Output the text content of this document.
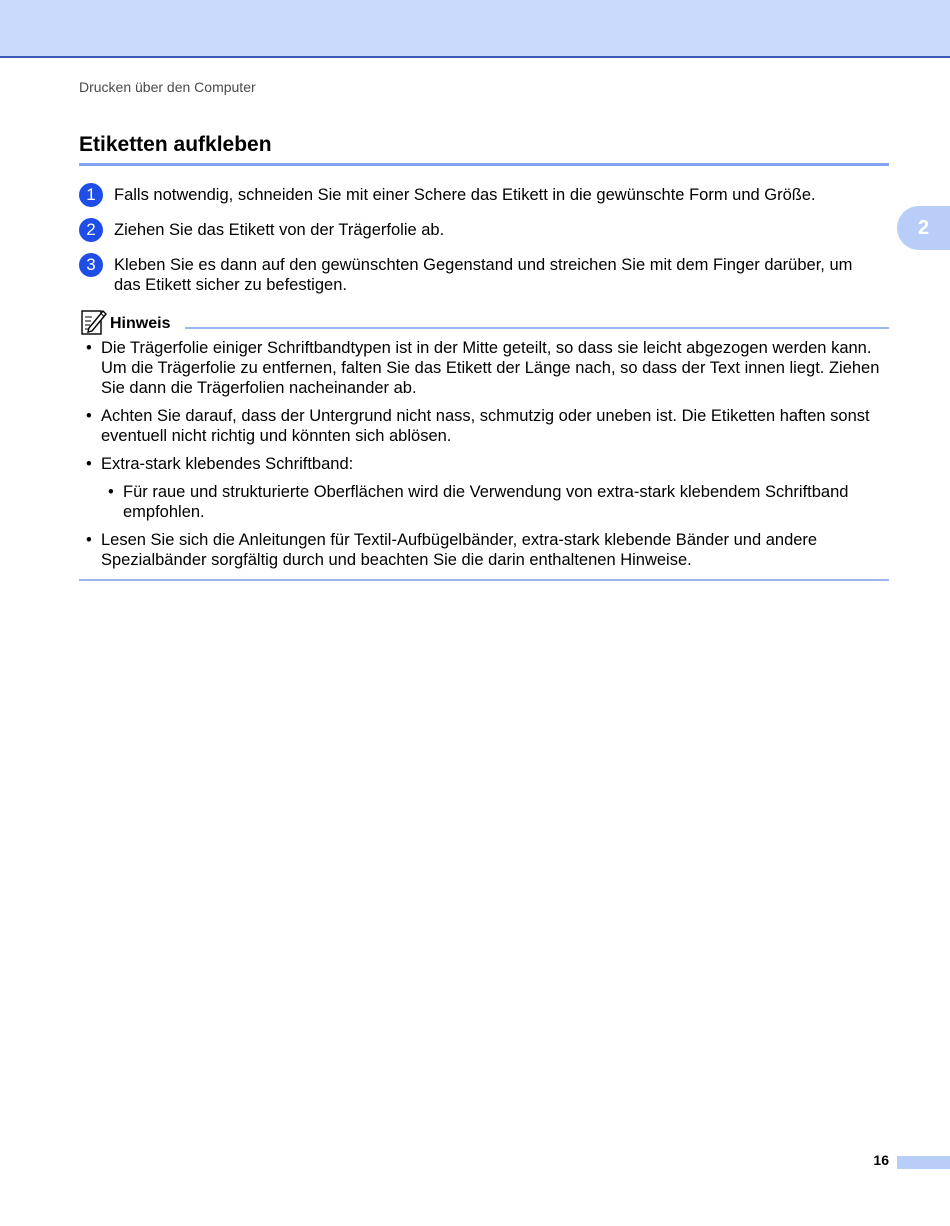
Drucken über den Computer
Etiketten aufkleben
2
1	Falls notwendig, schneiden Sie mit einer Schere das Etikett in die gewünschte Form und Größe.
2	Ziehen Sie das Etikett von der Trägerfolie ab.
3	Kleben Sie es dann auf den gewünschten Gegenstand und streichen Sie mit dem Finger darüber, um das Etikett sicher zu befestigen.
Hinweis
• Die Trägerfolie einiger Schriftbandtypen ist in der Mitte geteilt, so dass sie leicht abgezogen werden kann. Um die Trägerfolie zu entfernen, falten Sie das Etikett der Länge nach, so dass der Text innen liegt. Ziehen Sie dann die Trägerfolien nacheinander ab.
• Achten Sie darauf, dass der Untergrund nicht nass, schmutzig oder uneben ist. Die Etiketten haften sonst eventuell nicht richtig und könnten sich ablösen.
• Extra-stark klebendes Schriftband:
• Für raue und strukturierte Oberflächen wird die Verwendung von extra-stark klebendem Schriftband empfohlen.
• Lesen Sie sich die Anleitungen für Textil-Aufbügelbänder, extra-stark klebende Bänder und andere Spezialbänder sorgfältig durch und beachten Sie die darin enthaltenen Hinweise.
16
